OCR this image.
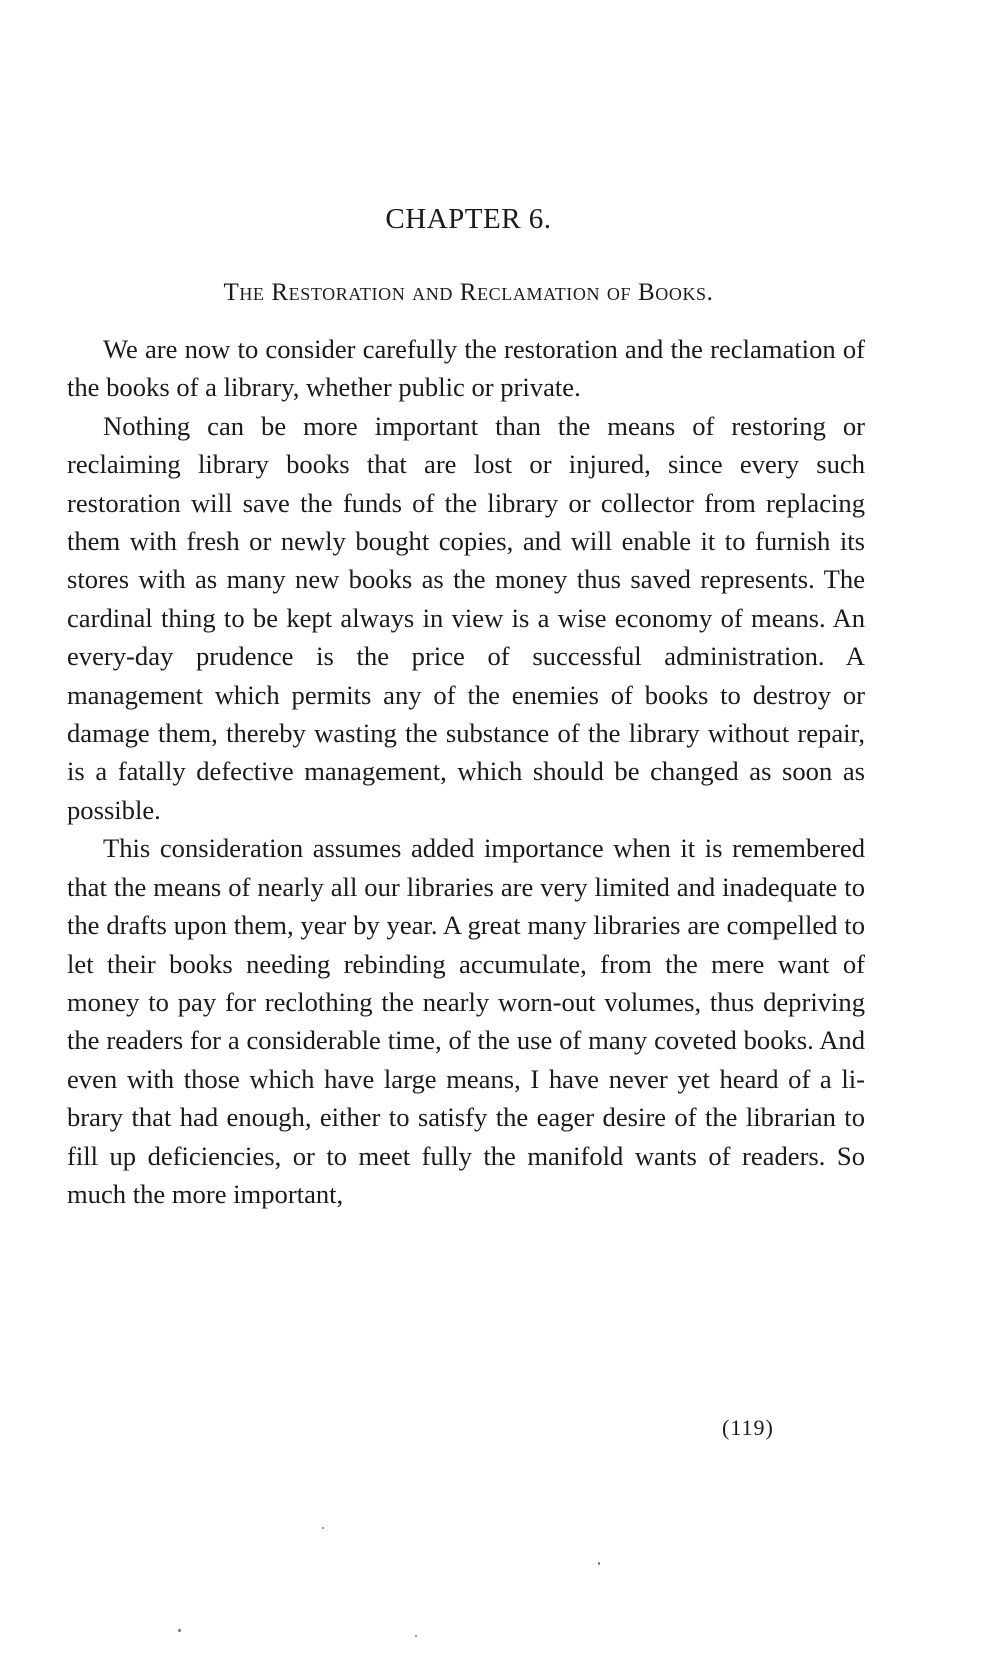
CHAPTER 6.
The Restoration and Reclamation of Books.

We are now to consider carefully the restoration and the reclamation of the books of a library, whether public or private.

Nothing can be more important than the means of restoring or reclaiming library books that are lost or injured, since every such restoration will save the funds of the library or collector from replacing them with fresh or newly bought copies, and will enable it to furnish its stores with as many new books as the money thus saved represents. The cardinal thing to be kept always in view is a wise economy of means. An every-day prudence is the price of successful administration. A management which permits any of the enemies of books to destroy or damage them, thereby wasting the substance of the library without repair, is a fatally defective management, which should be changed as soon as possible.

This consideration assumes added importance when it is remembered that the means of nearly all our libraries are very limited and inadequate to the drafts upon them, year by year. A great many libraries are compelled to let their books needing rebinding accumulate, from the mere want of money to pay for reclothing the nearly worn-out volumes, thus depriving the readers for a considerable time, of the use of many coveted books. And even with those which have large means, I have never yet heard of a library that had enough, either to satisfy the eager desire of the librarian to fill up deficiencies, or to meet fully the manifold wants of readers. So much the more important,

(119)
